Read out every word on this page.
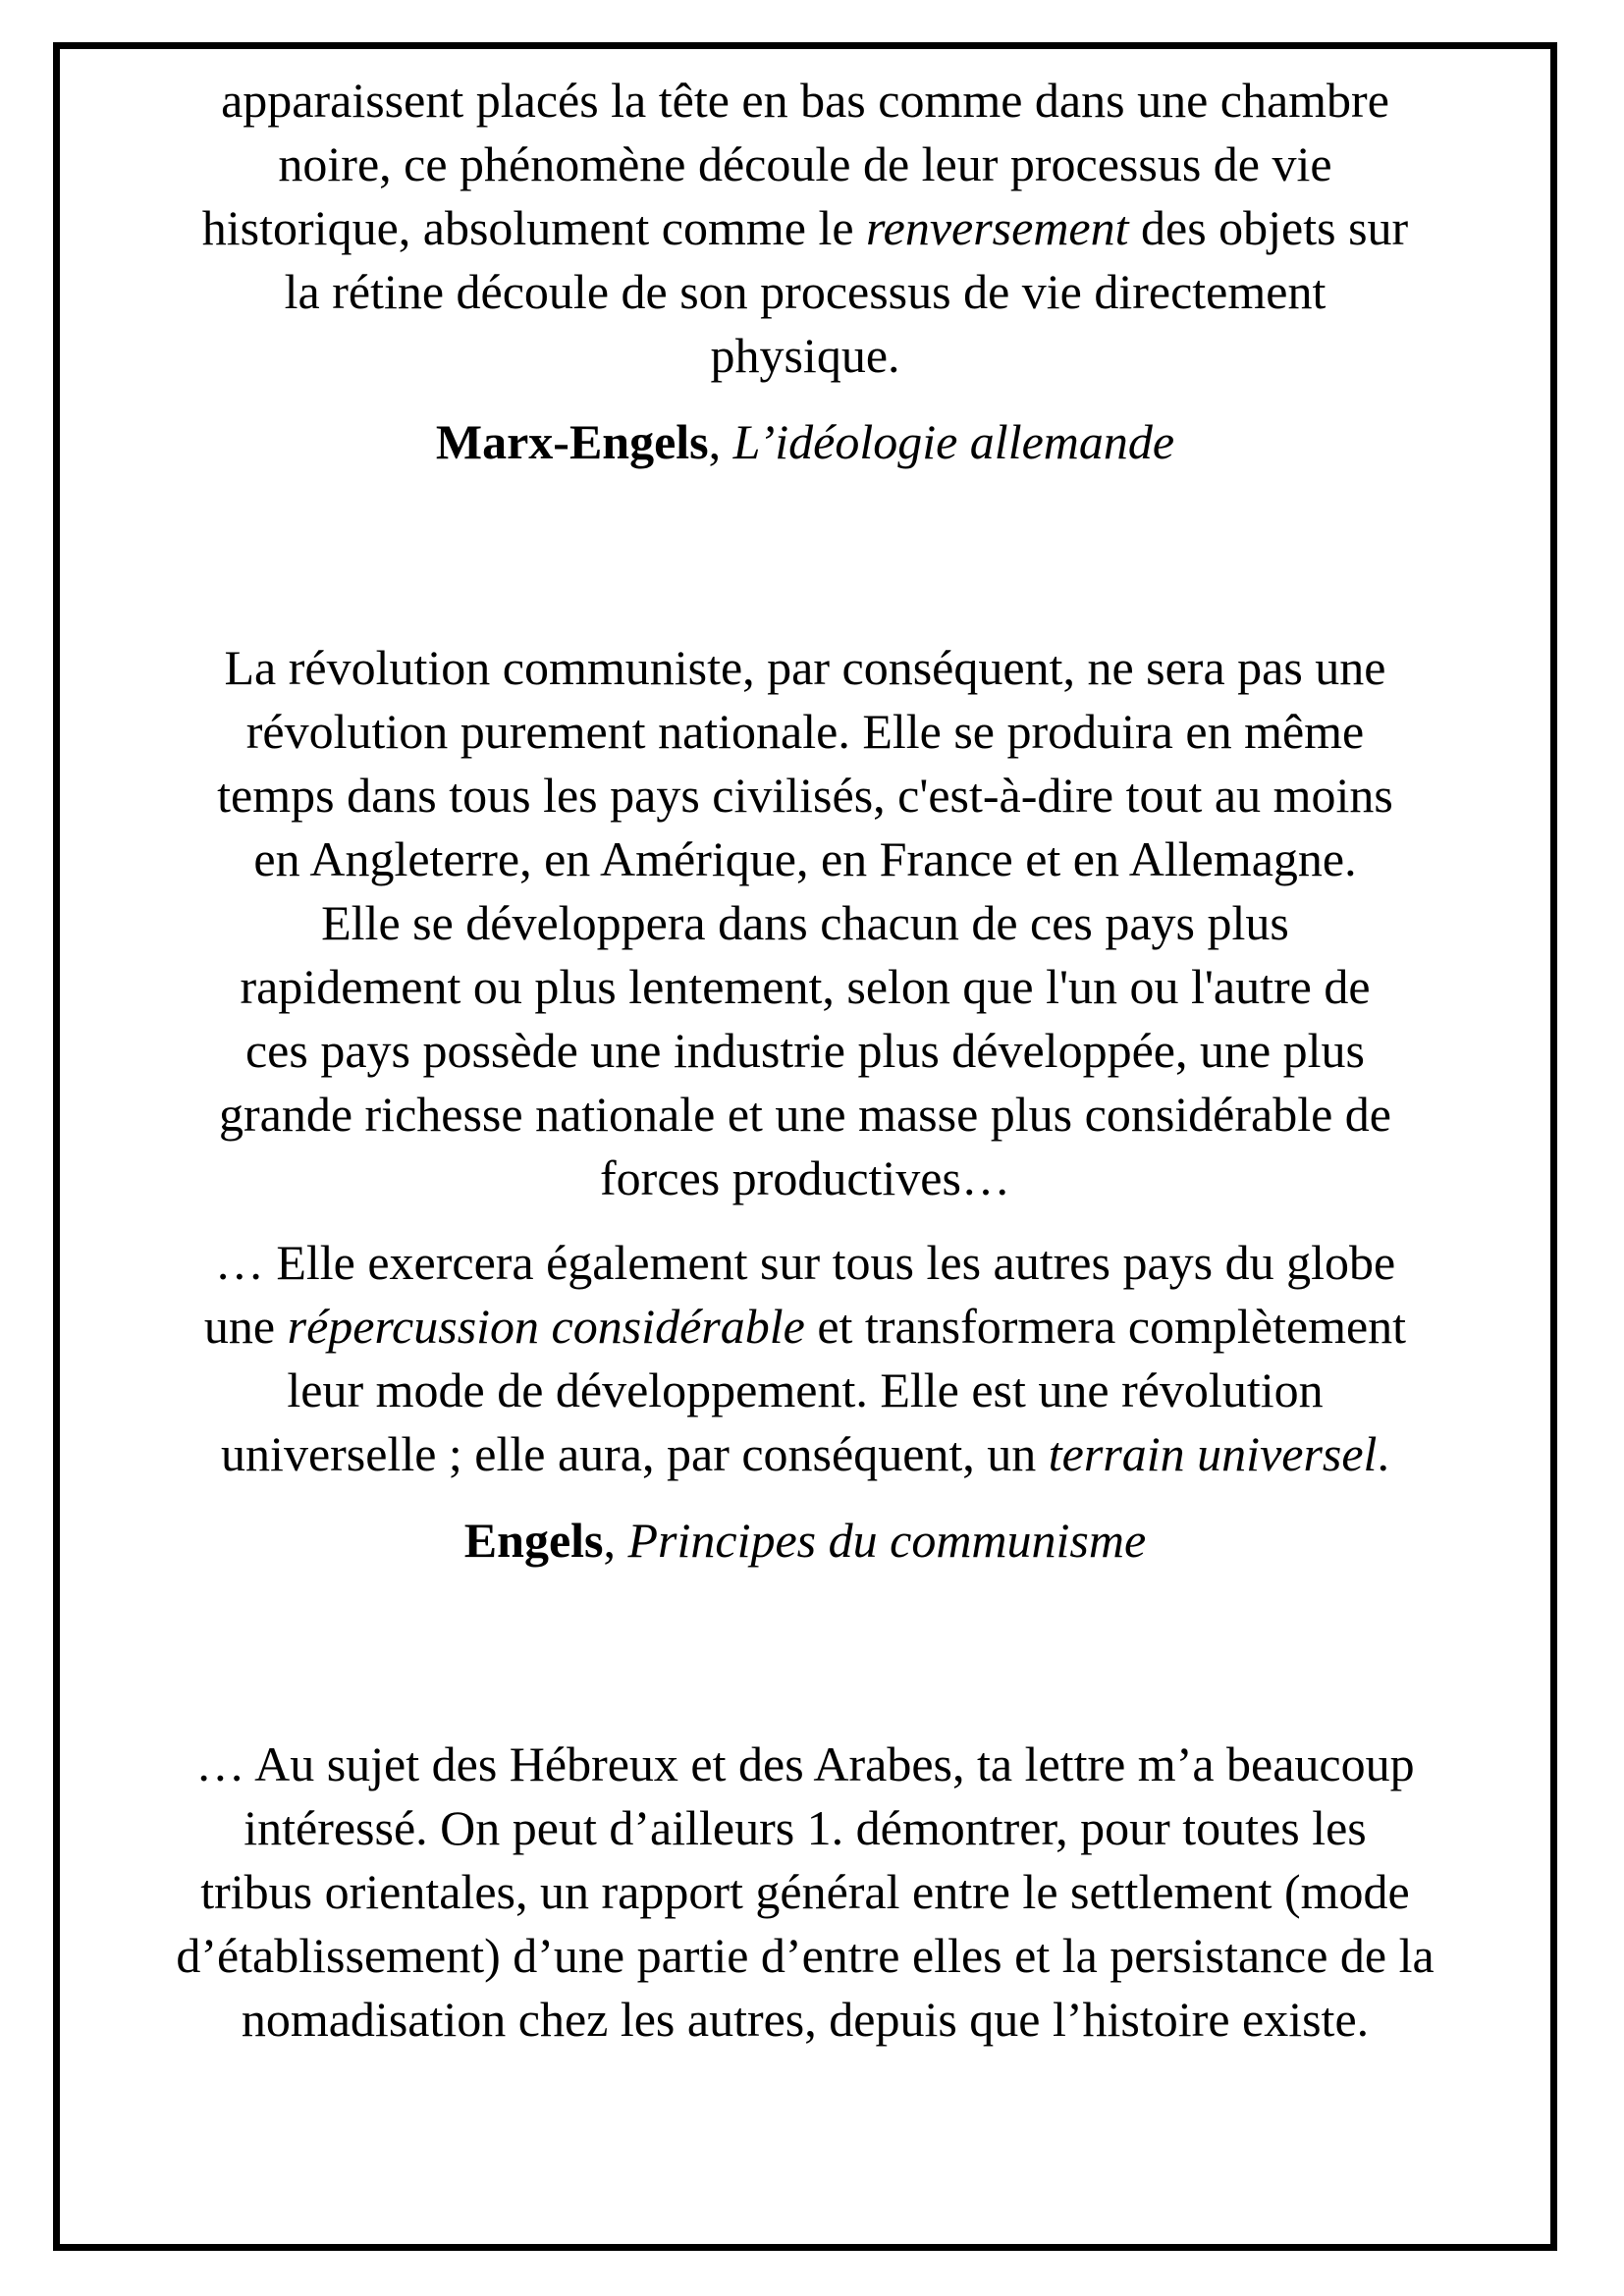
apparaissent placés la tête en bas comme dans une chambre

noire, ce phénomène découle de leur processus de vie

historique, absolument comme le renversement des objets sur

la rétine découle de son processus de vie directement

physique.

Marx-Engels, L’idéologie allemande

La révolution communiste, par conséquent, ne sera pas une

révolution purement nationale. Elle se produira en même

temps dans tous les pays civilisés, c'est-à-dire tout au moins

en Angleterre, en Amérique, en France et en Allemagne.

Elle se développera dans chacun de ces pays plus

rapidement ou plus lentement, selon que l'un ou l'autre de

ces pays possède une industrie plus développée, une plus

grande richesse nationale et une masse plus considérable de

forces productives…

… Elle exercera également sur tous les autres pays du globe

une répercussion considérable et transformera complètement

leur mode de développement. Elle est une révolution

universelle ; elle aura, par conséquent, un terrain universel.

Engels, Principes du communisme

… Au sujet des Hébreux et des Arabes, ta lettre m’a beaucoup

intéressé. On peut d’ailleurs 1. démontrer, pour toutes les

tribus orientales, un rapport général entre le settlement (mode

d’établissement) d’une partie d’entre elles et la persistance de la

nomadisation chez les autres, depuis que l’histoire existe.
